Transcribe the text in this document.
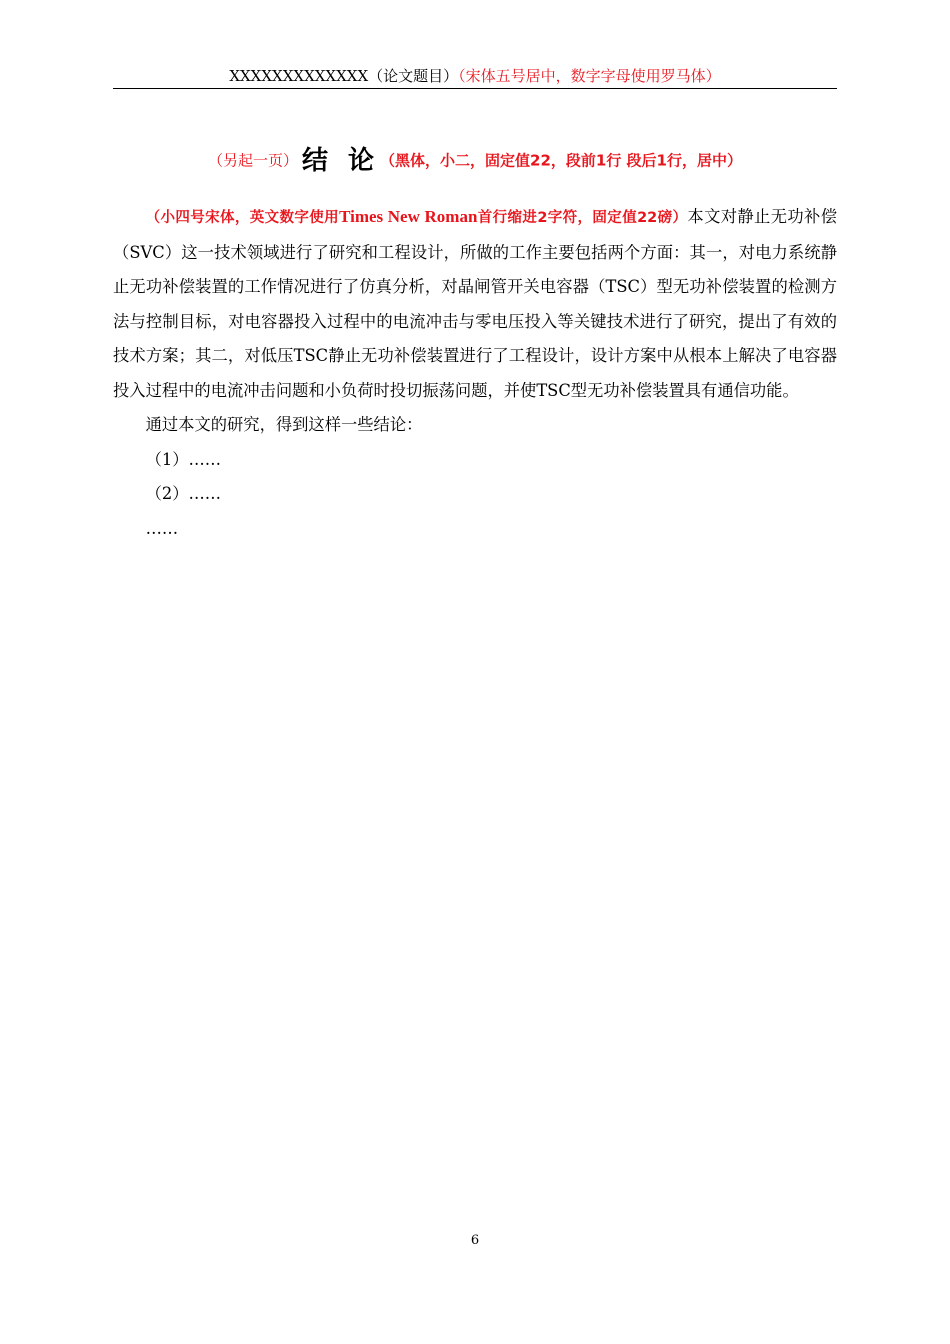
XXXXXXXXXXXXX（论文题目）（宋体五号居中，数字字母使用罗马体）
（另起一页） 结论（黑体，小二，固定值22，段前1行 段后1行，居中）

（小四号宋体，英文数字使用Times New Roman首行缩进2字符，固定值22磅）本文对静止无功补偿（SVC）这一技术领域进行了研究和工程设计，所做的工作主要包括两个方面：其一，对电力系统静止无功补偿装置的工作情况进行了仿真分析，对晶闸管开关电容器（TSC）型无功补偿装置的检测方法与控制目标，对电容器投入过程中的电流冲击与零电压投入等关键技术进行了研究，提出了有效的技术方案；其二，对低压TSC静止无功补偿装置进行了工程设计，设计方案中从根本上解决了电容器投入过程中的电流冲击问题和小负荷时投切振荡问题，并使TSC型无功补偿装置具有通信功能。

通过本文的研究，得到这样一些结论：

（1）……

（2）……

……

6
